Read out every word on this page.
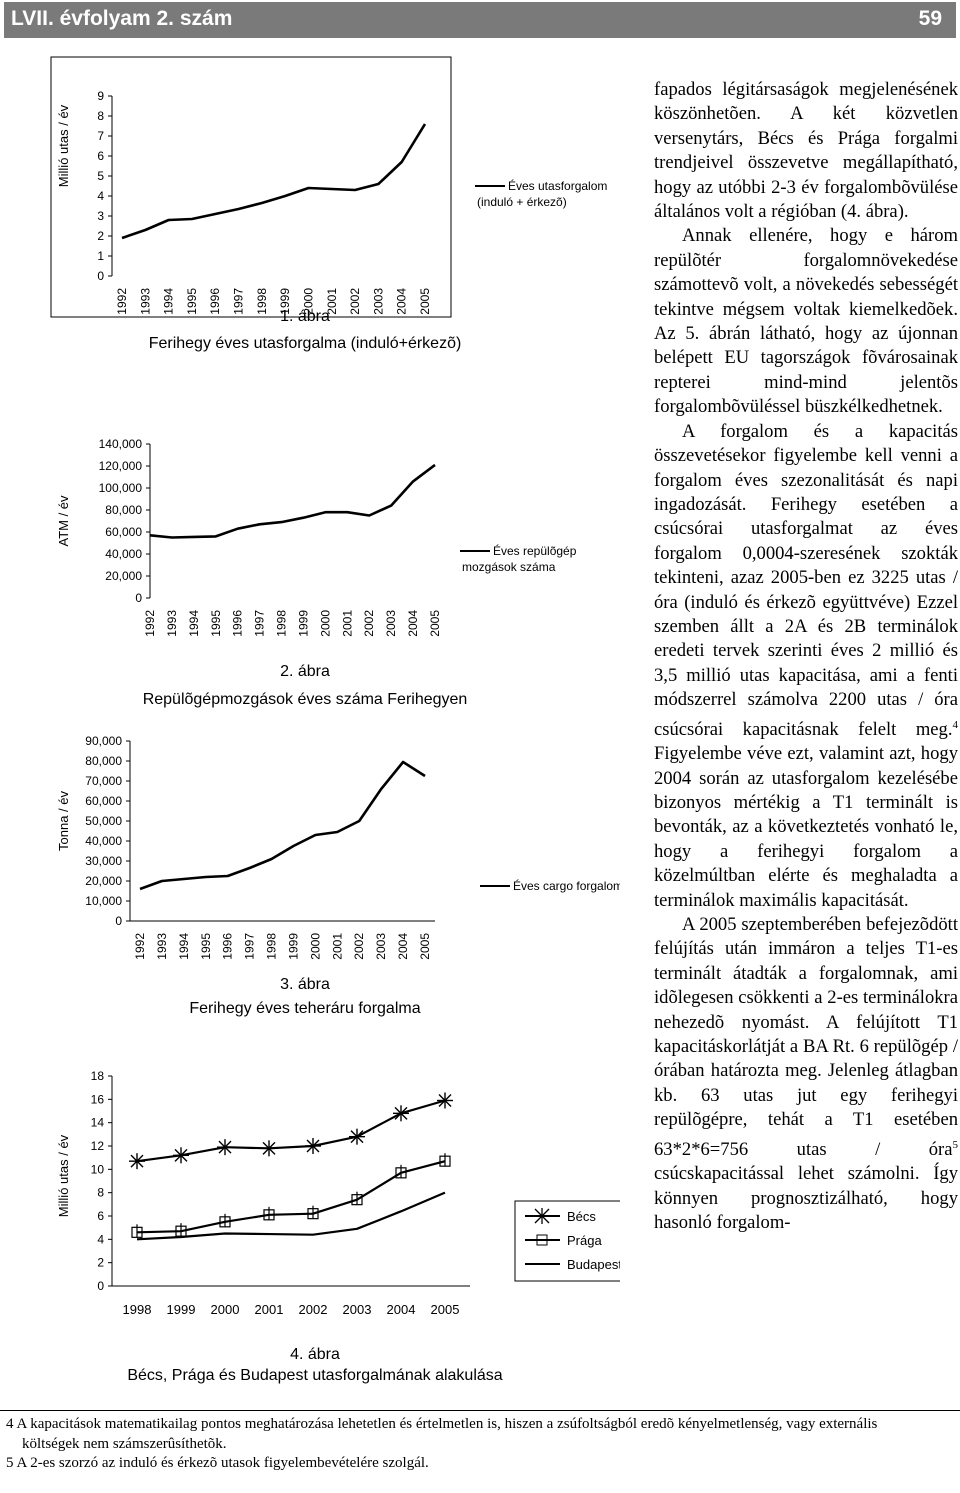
LVII. évfolyam 2. szám	59
0
1
2
3
4
5
6
7
8
9
Millió utas / év
1992 1993 1994 1995 1996 1997 1998 1999 2000 2001 2002 2003 2004 2005
Éves utasforgalom (induló + érkezõ)
1. ábra
Ferihegy éves utasforgalma (induló+érkezõ)
0
20,000
40,000
60,000
80,000
100,000
120,000
140,000
ATM / év
1992 1993 1994 1995 1996 1997 1998 1999 2000 2001 2002 2003 2004 2005
Éves repülõgép mozgások száma
2. ábra
Repülõgépmozgások éves száma Ferihegyen
0
10,000
20,000
30,000
40,000
50,000
60,000
70,000
80,000
90,000
Tonna / év
1992 1993 1994 1995 1996 1997 1998 1999 2000 2001 2002 2003 2004 2005
Éves cargo forgalom
3. ábra
Ferihegy éves teheráru forgalma
0
2
4
6
8
10
12
14
16
18
Millió utas / év
1998 1999 2000 2001 2002 2003 2004 2005
Bécs
Prága
Budapest
4. ábra
Bécs, Prága és Budapest utasforgalmának alakulása

fapados légitársaságok megjelenésének köszönhetõen. A két közvetlen versenytárs, Bécs és Prága forgalmi trendjeivel összevetve megállapítható, hogy az utóbbi 2-3 év forgalombõvülése általános volt a régióban (4. ábra).

Annak ellenére, hogy e három repülõtér forgalomnövekedése számottevõ volt, a növekedés sebességét tekintve mégsem voltak kiemelkedõek. Az 5. ábrán látható, hogy az újonnan belépett EU tagországok fõvárosainak repterei mind-mind jelentõs forgalombõvüléssel büszkélkedhetnek.

A forgalom és a kapacitás összevetésekor figyelembe kell venni a forgalom éves szezonalitását és napi ingadozását. Ferihegy esetében a csúcsórai utasforgalmat az éves forgalom 0,0004-szeresének szokták tekinteni, azaz 2005-ben ez 3225 utas / óra (induló és érkezõ együttvéve) Ezzel szemben állt a 2A és 2B terminálok eredeti tervek szerinti éves 2 millió és 3,5 millió utas kapacitása, ami a fenti módszerrel számolva 2200 utas / óra csúcsórai kapacitásnak felelt meg.$^4$ Figyelembe véve ezt, valamint azt, hogy 2004 során az utasforgalom kezelésébe bizonyos mértékig a T1 terminált is bevonták, az a következtetés vonható le, hogy a ferihegyi forgalom a közelmúltban elérte és meghaladta a terminálok maximális kapacitását.

A 2005 szeptemberében befejezõdött felújítás után immáron a teljes T1-es terminált átadták a forgalomnak, ami idõlegesen csökkenti a 2-es terminálokra nehezedõ nyomást. A felújított T1 kapacitáskorlátját a BA Rt. 6 repülõgép / órában határozta meg. Jelenleg átlagban kb. 63 utas jut egy ferihegyi repülõgépre, tehát a T1 esetében 63*2*6=756 utas / óra$^5$ csúcskapacitással lehet számolni. Így könnyen prognosztizálható, hogy hasonló forgalom-

4 A kapacitások matematikailag pontos meghatározása lehetetlen és értelmetlen is, hiszen a zsúfoltságból eredõ kényelmetlenség, vagy externális
költségek nem számszerûsíthetõk.
5 A 2-es szorzó az induló és érkezõ utasok figyelembevételére szolgál.
